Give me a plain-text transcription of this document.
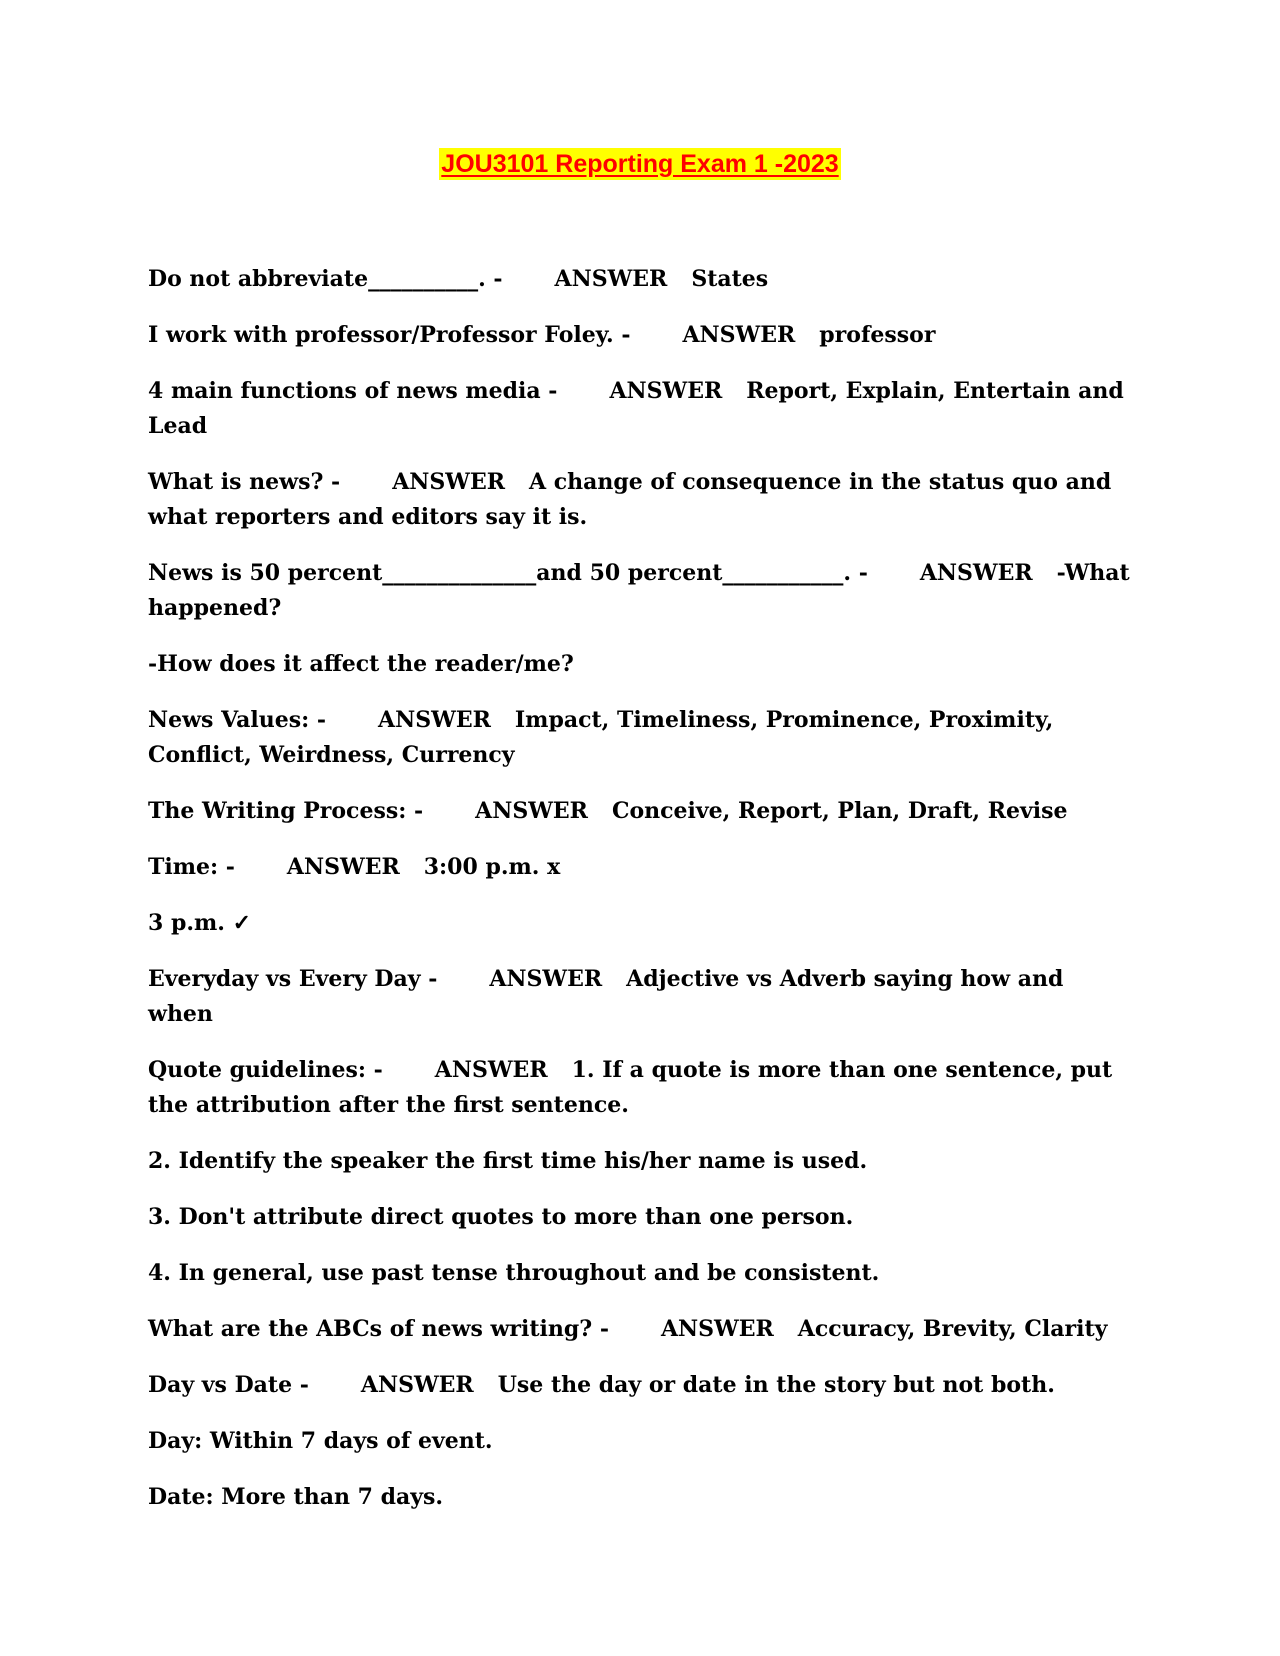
JOU3101 Reporting Exam 1 -2023

Do not abbreviate__________. - ANSWER States

I work with professor/Professor Foley. - ANSWER professor

4 main functions of news media - ANSWER Report, Explain, Entertain and Lead

What is news? - ANSWER A change of consequence in the status quo and what reporters and editors say it is.

News is 50 percent______________and 50 percent___________. - ANSWER -What happened?

-How does it affect the reader/me?

News Values: - ANSWER Impact, Timeliness, Prominence, Proximity, Conflict, Weirdness, Currency

The Writing Process: - ANSWER Conceive, Report, Plan, Draft, Revise

Time: - ANSWER 3:00 p.m. x

3 p.m. ✓

Everyday vs Every Day - ANSWER Adjective vs Adverb saying how and when

Quote guidelines: - ANSWER 1. If a quote is more than one sentence, put the attribution after the first sentence.

2. Identify the speaker the first time his/her name is used.

3. Don't attribute direct quotes to more than one person.

4. In general, use past tense throughout and be consistent.

What are the ABCs of news writing? - ANSWER Accuracy, Brevity, Clarity

Day vs Date - ANSWER Use the day or date in the story but not both.

Day: Within 7 days of event.

Date: More than 7 days.
